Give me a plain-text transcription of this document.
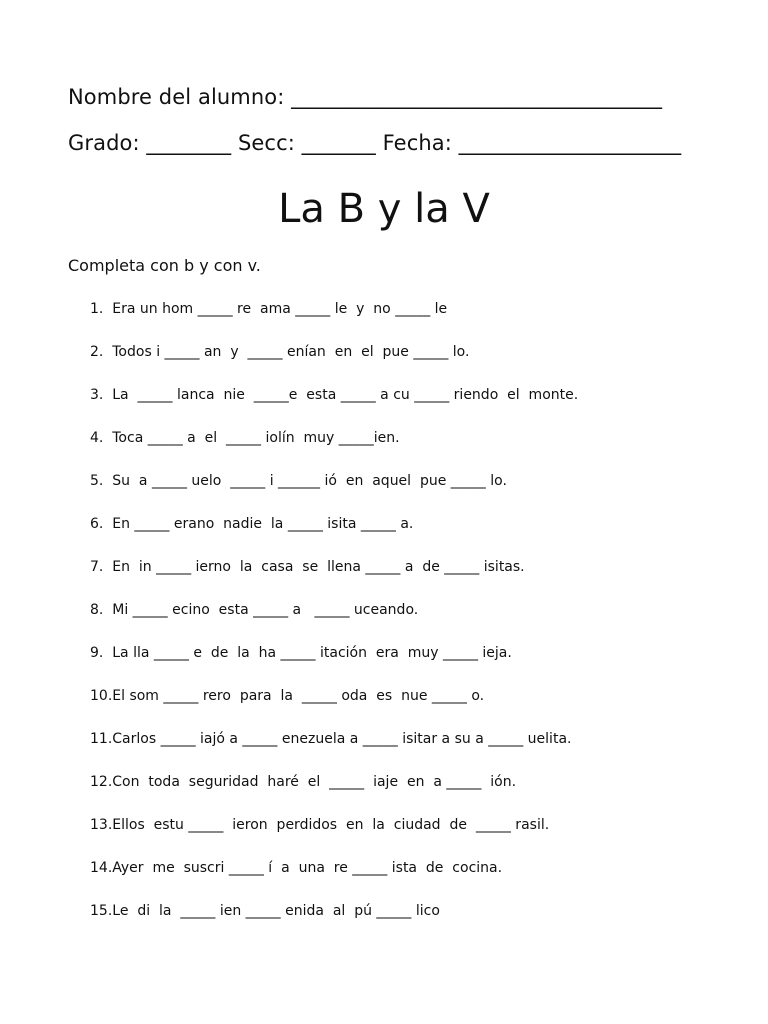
Nombre del alumno: ___________________________________
Grado: ________ Secc: _______ Fecha: _____________________
La B y la V
Completa con b y con v.
1.  Era un hom _____ re  ama _____ le  y  no _____ le
2.  Todos i _____ an  y  _____ enían  en  el  pue _____ lo.
3.  La  _____ lanca  nie  _____e  esta _____ a cu _____ riendo  el  monte.
4.  Toca _____ a  el  _____ iolín  muy _____ien.
5.  Su  a _____ uelo  _____ i ______ ió  en  aquel  pue _____ lo.
6.  En _____ erano  nadie  la _____ isita _____ a.
7.  En  in _____ ierno  la  casa  se  llena _____ a  de _____ isitas.
8.  Mi _____ ecino  esta _____ a   _____ uceando.
9.  La lla _____ e  de  la  ha _____ itación  era  muy _____ ieja.
10.El som _____ rero  para  la  _____ oda  es  nue _____ o.
11.Carlos _____ iajó a _____ enezuela a _____ isitar a su a _____ uelita.
12.Con  toda  seguridad  haré  el  _____  iaje  en  a _____  ión.
13.Ellos  estu _____  ieron  perdidos  en  la  ciudad  de  _____ rasil.
14.Ayer  me  suscri _____ í  a  una  re _____ ista  de  cocina.
15.Le  di  la  _____ ien _____ enida  al  pú _____ lico
